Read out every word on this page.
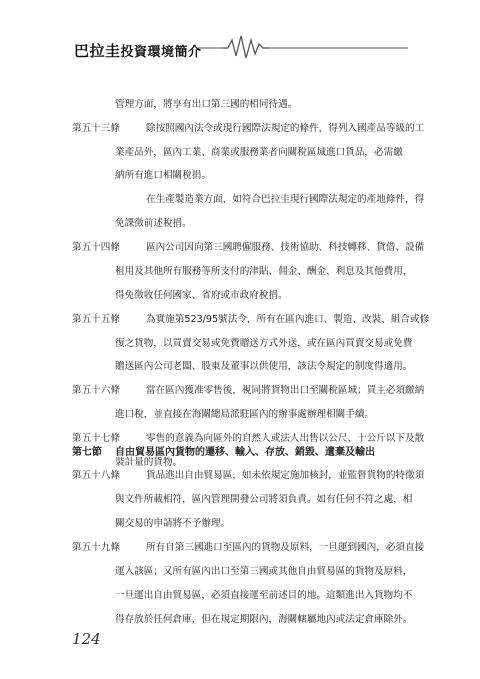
巴拉圭投資環境簡介
管理方面，將享有出口第三國的相同待遇。
第五十三條	除按照國內法令或現行國際法規定的條件，得列入國產品等級的工
業產品外，區內工業、商業或服務業者向關稅區域進口貨品，必需繳
納所有進口相關稅捐。
在生產製造業方面，如符合巴拉圭現行國際法規定的產地條件，得
免課徵前述稅捐。
第五十四條	區內公司因向第三國聘僱服務、技術協助、科技轉移、貸借、設備
租用及其他所有服務等所支付的津貼、佣金、酬金、利息及其他費用，
得免徵收任何國家、省府或市政府稅捐。
第五十五條	為實施第523/95號法令，所有在區內進口、製造、改裝、組合或修
復之貨物，以買賣交易或免費贈送方式外送，或在區內買賣交易或免費
贈送區內公司老闆、股東及董事以供使用，該法令規定的制度得適用。
第五十六條	當在區內獲准零售後，視同將貨物出口至關稅區域；買主必須繳納
進口稅，並直接在海關總局派駐區內的辦事處辦理相關手續。
第五十七條	零售的意義為向區外的自然人或法人出售以公尺、十公斤以下及散
裝計量的貨物。
第七節 自由貿易區內貨物的遷移、輸入、存放、銷毀、遺棄及輸出
第五十八條	貨品進出自由貿易區，如未依規定施加核封，並監督貨物的特徵須
與文件所載相符，區內管理開發公司將須負責。如有任何不符之處，相
關交易的申請將不予辦理。
第五十九條	所有自第三國進口至區內的貨物及原料，一旦運到國內，必須直接
運入該區；又所有區內出口至第三國或其他自由貿易區的貨物及原料，
一旦運出自由貿易區，必須直接運至前述目的地。這類進出入貨物均不
得存放於任何倉庫，但在規定期限內，海關轄屬地內或法定倉庫除外。
124
